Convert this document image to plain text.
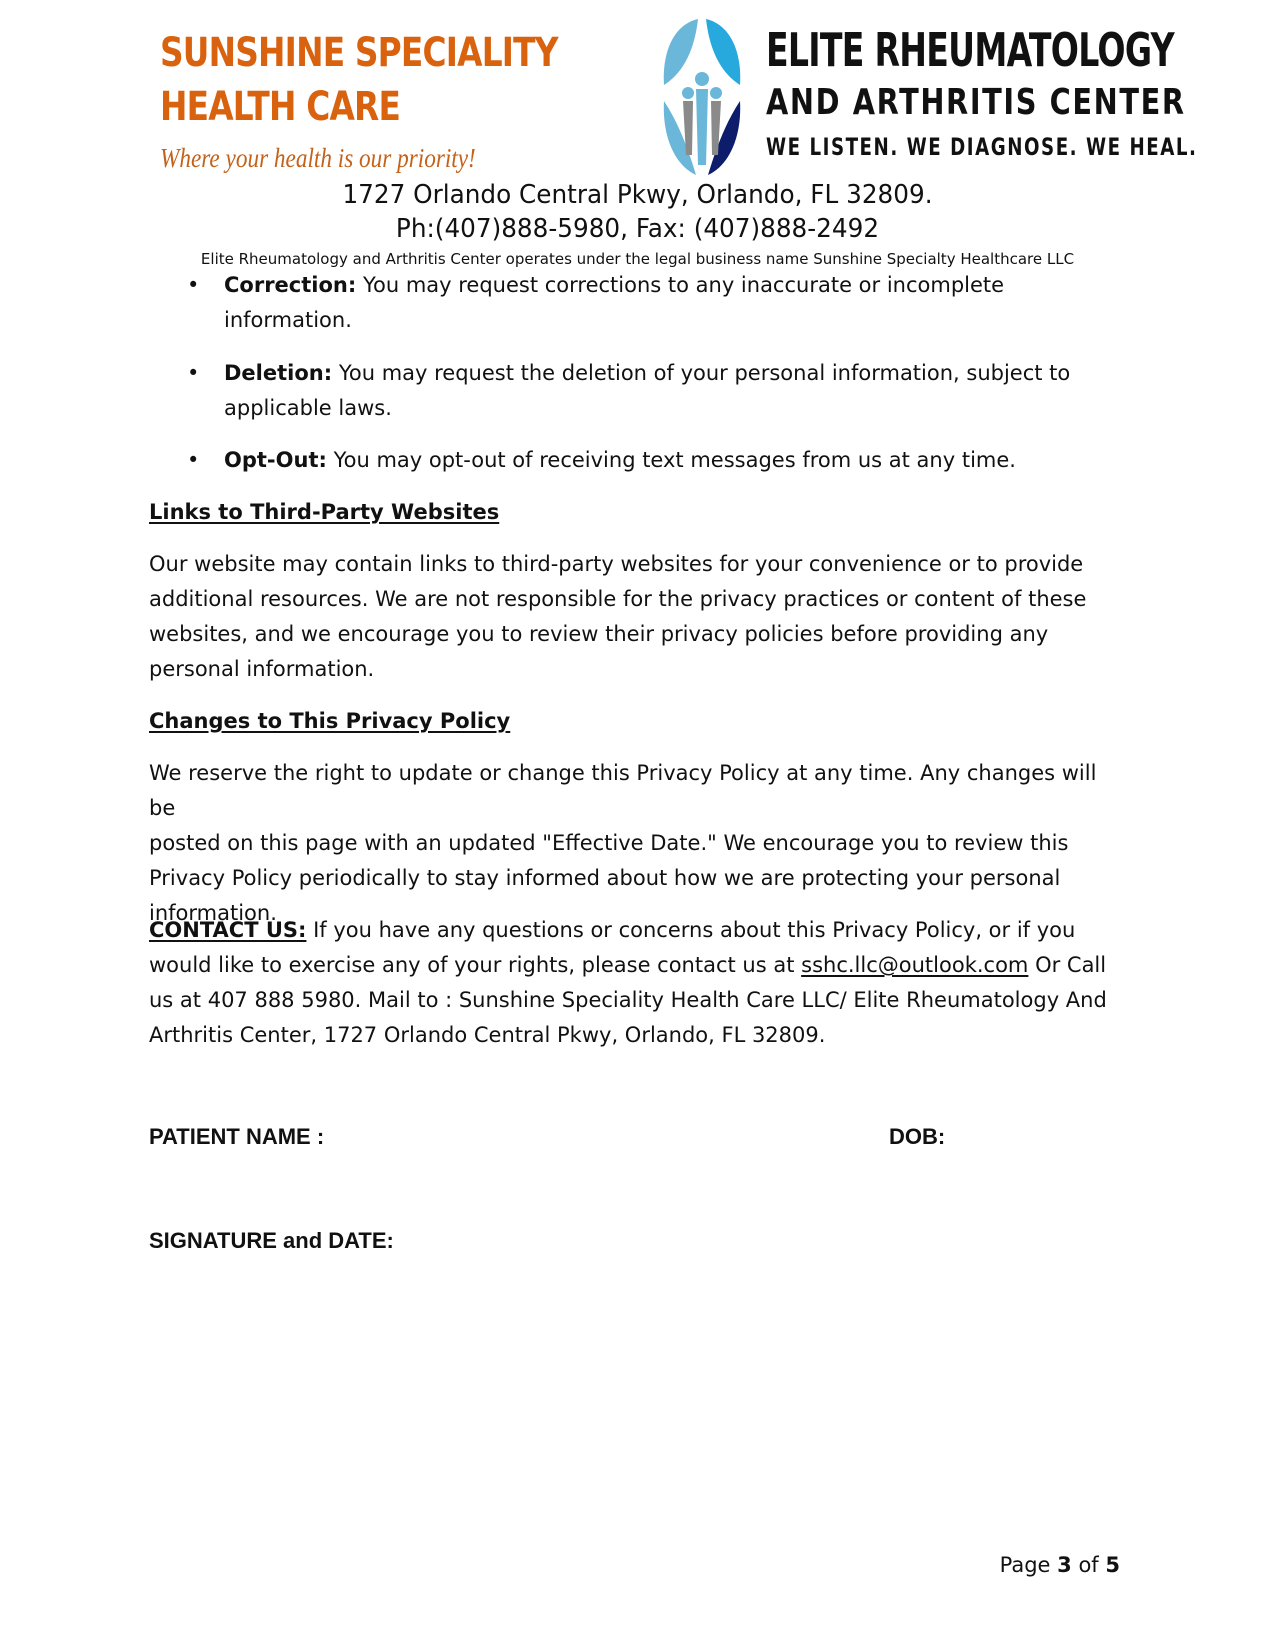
SUNSHINE SPECIALITY
HEALTH CARE
Where your health is our priority!
ELITE RHEUMATOLOGY
AND ARTHRITIS CENTER
WE LISTEN. WE DIAGNOSE. WE HEAL.
1727 Orlando Central Pkwy, Orlando, FL 32809.
Ph:(407)888-5980, Fax: (407)888-2492
Elite Rheumatology and Arthritis Center operates under the legal business name Sunshine Specialty Healthcare LLC
• Correction: You may request corrections to any inaccurate or incomplete
information.
• Deletion: You may request the deletion of your personal information, subject to
applicable laws.
• Opt-Out: You may opt-out of receiving text messages from us at any time.
Links to Third-Party Websites
Our website may contain links to third-party websites for your convenience or to provide
additional resources. We are not responsible for the privacy practices or content of these
websites, and we encourage you to review their privacy policies before providing any
personal information.
Changes to This Privacy Policy
We reserve the right to update or change this Privacy Policy at any time. Any changes will be
posted on this page with an updated "Effective Date." We encourage you to review this
Privacy Policy periodically to stay informed about how we are protecting your personal
information.
CONTACT US: If you have any questions or concerns about this Privacy Policy, or if you
would like to exercise any of your rights, please contact us at sshc.llc@outlook.com Or Call
us at 407 888 5980. Mail to : Sunshine Speciality Health Care LLC/ Elite Rheumatology And
Arthritis Center, 1727 Orlando Central Pkwy, Orlando, FL 32809.
PATIENT NAME :	DOB:
SIGNATURE and DATE:
Page 3 of 5
